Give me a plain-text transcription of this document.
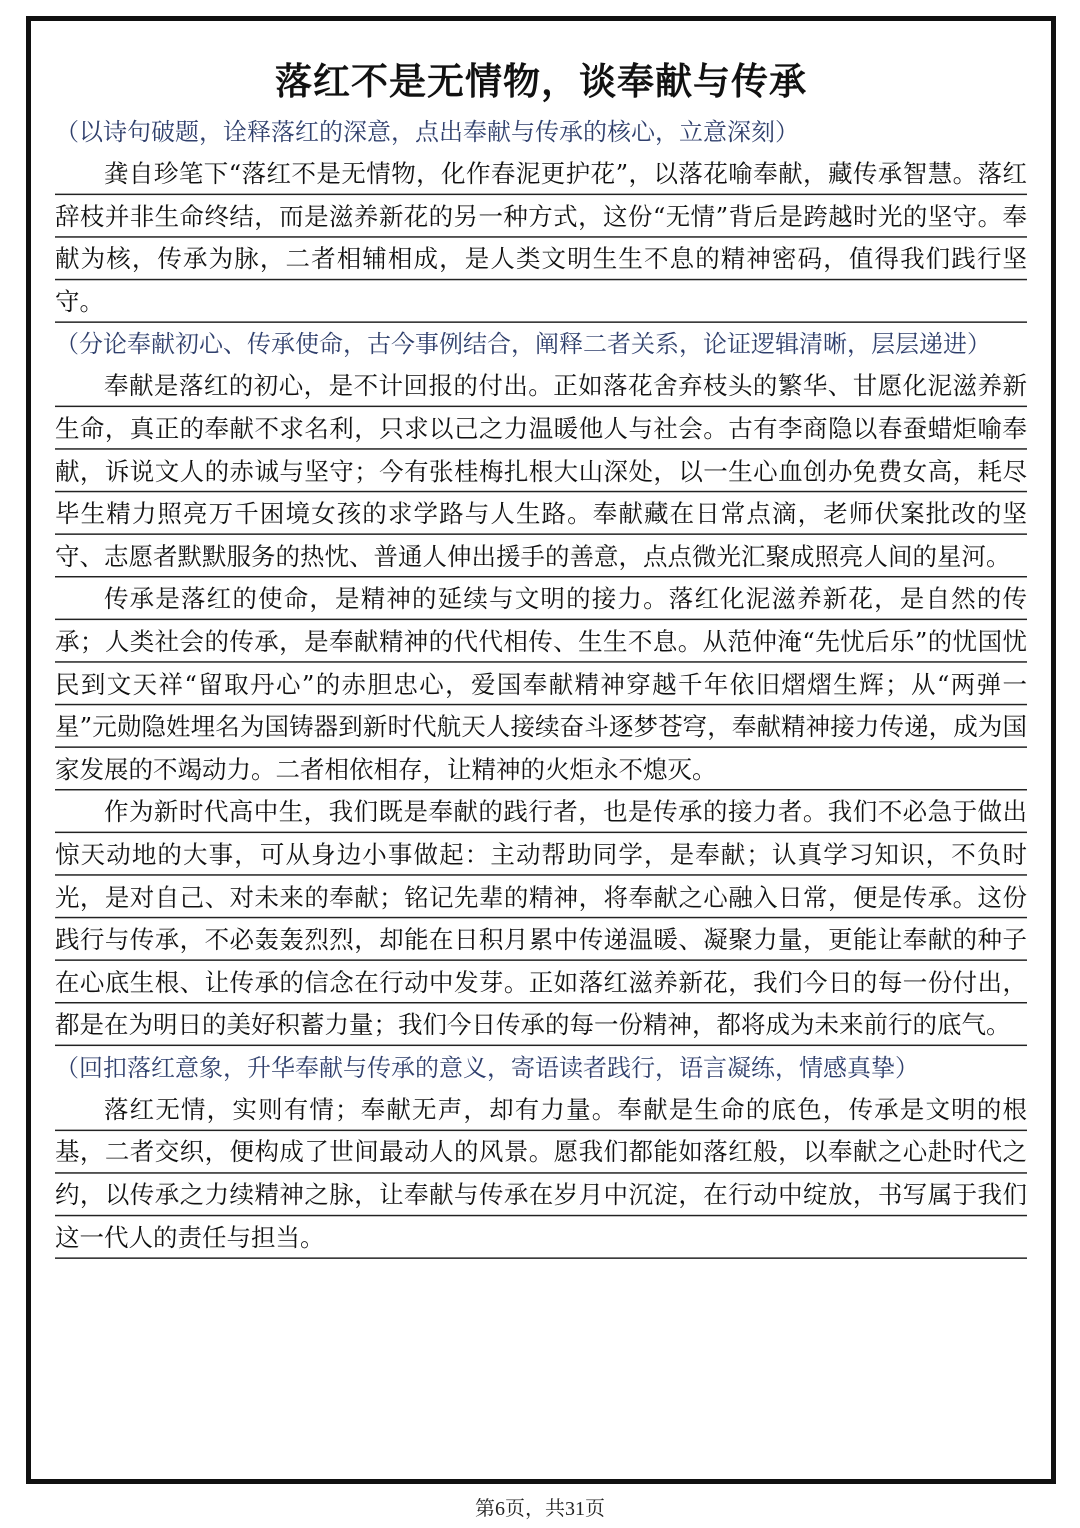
落红不是无情物，谈奉献与传承

（以诗句破题，诠释落红的深意，点出奉献与传承的核心，立意深刻）

龚自珍笔下“落红不是无情物，化作春泥更护花”，以落花喻奉献，藏传承智慧。落红辞枝并非生命终结，而是滋养新花的另一种方式，这份“无情”背后是跨越时光的坚守。奉献为核，传承为脉，二者相辅相成，是人类文明生生不息的精神密码，值得我们践行坚守。

（分论奉献初心、传承使命，古今事例结合，阐释二者关系，论证逻辑清晰，层层递进）

奉献是落红的初心，是不计回报的付出。正如落花舍弃枝头的繁华、甘愿化泥滋养新生命，真正的奉献不求名利，只求以己之力温暖他人与社会。古有李商隐以春蚕蜡炬喻奉献，诉说文人的赤诚与坚守；今有张桂梅扎根大山深处，以一生心血创办免费女高，耗尽毕生精力照亮万千困境女孩的求学路与人生路。奉献藏在日常点滴，老师伏案批改的坚守、志愿者默默服务的热忱、普通人伸出援手的善意，点点微光汇聚成照亮人间的星河。

传承是落红的使命，是精神的延续与文明的接力。落红化泥滋养新花，是自然的传承；人类社会的传承，是奉献精神的代代相传、生生不息。从范仲淹“先忧后乐”的忧国忧民到文天祥“留取丹心”的赤胆忠心，爱国奉献精神穿越千年依旧熠熠生辉；从“两弹一星”元勋隐姓埋名为国铸器到新时代航天人接续奋斗逐梦苍穹，奉献精神接力传递，成为国家发展的不竭动力。二者相依相存，让精神的火炬永不熄灭。

作为新时代高中生，我们既是奉献的践行者，也是传承的接力者。我们不必急于做出惊天动地的大事，可从身边小事做起：主动帮助同学，是奉献；认真学习知识，不负时光，是对自己、对未来的奉献；铭记先辈的精神，将奉献之心融入日常，便是传承。这份践行与传承，不必轰轰烈烈，却能在日积月累中传递温暖、凝聚力量，更能让奉献的种子在心底生根、让传承的信念在行动中发芽。正如落红滋养新花，我们今日的每一份付出，都是在为明日的美好积蓄力量；我们今日传承的每一份精神，都将成为未来前行的底气。

（回扣落红意象，升华奉献与传承的意义，寄语读者践行，语言凝练，情感真挚）

落红无情，实则有情；奉献无声，却有力量。奉献是生命的底色，传承是文明的根基，二者交织，便构成了世间最动人的风景。愿我们都能如落红般，以奉献之心赴时代之约，以传承之力续精神之脉，让奉献与传承在岁月中沉淀，在行动中绽放，书写属于我们这一代人的责任与担当。

第6页，共31页
